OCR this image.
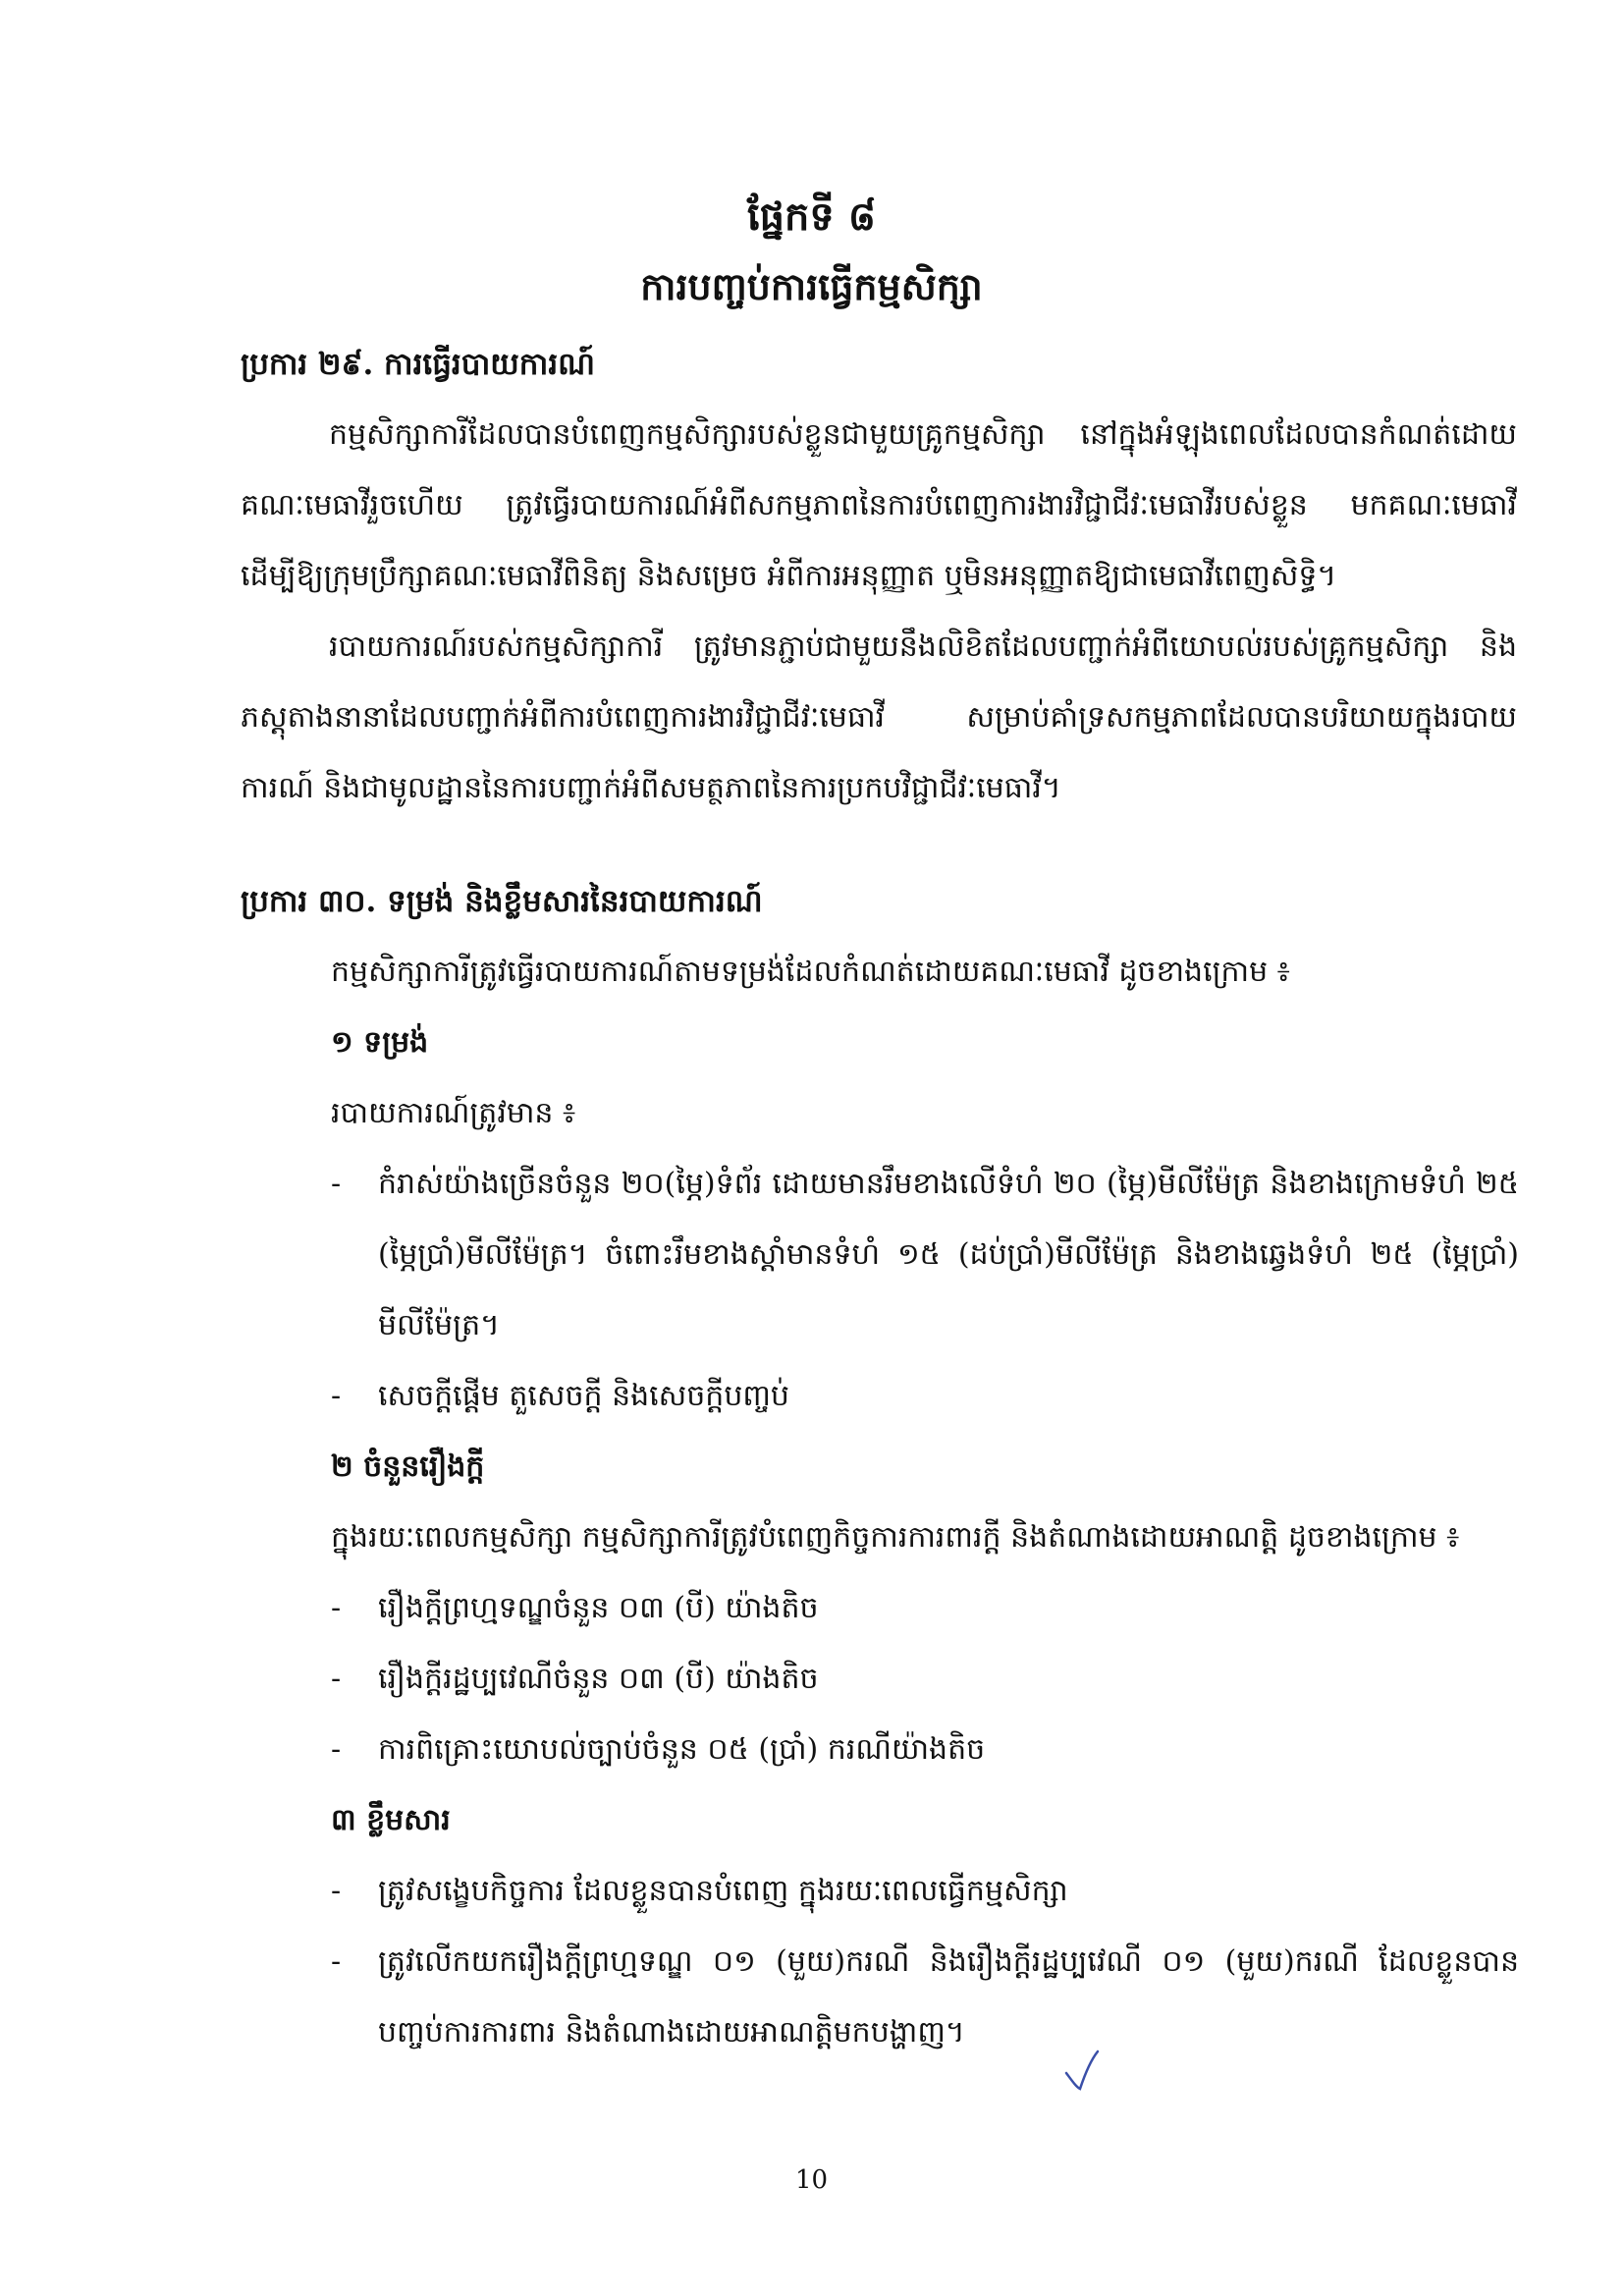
ផ្នែកទី ៨
ការបញ្ចប់ការធ្វើកម្មសិក្សា
ប្រការ ២៩. ការធ្វើរបាយការណ៍
កម្មសិក្សាការីដែលបានបំពេញកម្មសិក្សារបស់ខ្លួនជាមួយគ្រូកម្មសិក្សា នៅក្នុងអំឡុងពេលដែលបានកំណត់ដោយគណៈមេធាវីរួចហើយ ត្រូវធ្វើរបាយការណ៍អំពីសកម្មភាពនៃការបំពេញការងារវិជ្ជាជីវៈមេធាវីរបស់ខ្លួន មកគណៈមេធាវី ដើម្បីឱ្យក្រុមប្រឹក្សាគណៈមេធាវីពិនិត្យ និងសម្រេច អំពីការអនុញ្ញាត ឬមិនអនុញ្ញាតឱ្យជាមេធាវីពេញសិទ្ធិ។
របាយការណ៍របស់កម្មសិក្សាការី ត្រូវមានភ្ជាប់ជាមួយនឹងលិខិតដែលបញ្ជាក់អំពីយោបល់របស់គ្រូកម្មសិក្សា និងភស្តុតាងនានាដែលបញ្ជាក់អំពីការបំពេញការងារវិជ្ជាជីវៈមេធាវី សម្រាប់គាំទ្រសកម្មភាពដែលបានបរិយាយក្នុងរបាយការណ៍ និងជាមូលដ្ឋាននៃការបញ្ជាក់អំពីសមត្ថភាពនៃការប្រកបវិជ្ជាជីវៈមេធាវី។
ប្រការ ៣០. ទម្រង់ និងខ្លឹមសារនៃរបាយការណ៍
កម្មសិក្សាការីត្រូវធ្វើរបាយការណ៍តាមទម្រង់ដែលកំណត់ដោយគណៈមេធាវី ដូចខាងក្រោម ៖
១ ទម្រង់
របាយការណ៍ត្រូវមាន ៖
- កំរាស់យ៉ាងច្រើនចំនួន ២០(ម្ភៃ)ទំព័រ ដោយមានរឹមខាងលើទំហំ ២០ (ម្ភៃ)មីលីម៉ែត្រ និងខាងក្រោមទំហំ ២៥ (ម្ភៃប្រាំ)មីលីម៉ែត្រ។ ចំពោះរឹមខាងស្តាំមានទំហំ ១៥ (ដប់ប្រាំ)មីលីម៉ែត្រ និងខាងឆ្វេងទំហំ ២៥ (ម្ភៃប្រាំ) មីលីម៉ែត្រ។
- សេចក្តីផ្តើម តួសេចក្តី និងសេចក្តីបញ្ចប់
២ ចំនួនរឿងក្តី
ក្នុងរយៈពេលកម្មសិក្សា កម្មសិក្សាការីត្រូវបំពេញកិច្ចការការពារក្តី និងតំណាងដោយអាណត្តិ ដូចខាងក្រោម ៖
- រឿងក្តីព្រហ្មទណ្ឌចំនួន ០៣ (បី) យ៉ាងតិច
- រឿងក្តីរដ្ឋប្បវេណីចំនួន ០៣ (បី) យ៉ាងតិច
- ការពិគ្រោះយោបល់ច្បាប់ចំនួន ០៥ (ប្រាំ) ករណីយ៉ាងតិច
៣ ខ្លឹមសារ
- ត្រូវសង្ខេបកិច្ចការ ដែលខ្លួនបានបំពេញ ក្នុងរយៈពេលធ្វើកម្មសិក្សា
- ត្រូវលើកយករឿងក្តីព្រហ្មទណ្ឌ ០១ (មួយ)ករណី និងរឿងក្តីរដ្ឋប្បវេណី ០១ (មួយ)ករណី ដែលខ្លួនបានបញ្ចប់ការការពារ និងតំណាងដោយអាណត្តិមកបង្ហាញ។
10
